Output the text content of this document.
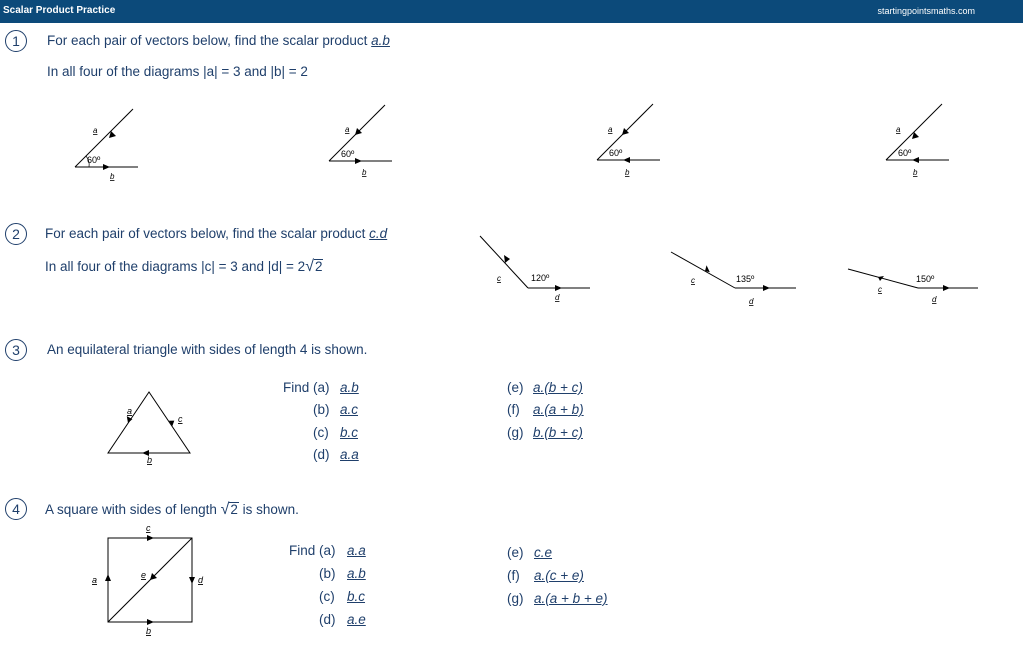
Scalar Product Practice	startingpointsmaths.com
1	For each pair of vectors below, find the scalar product a.b
In all four of the diagrams |a| = 3 and |b| = 2
60º
a
b
60º
a
b
60º
a
b
60º
a
b
2	For each pair of vectors below, find the scalar product c.d
In all four of the diagrams |c| = 3 and |d| = 2√2
120º
c
d
135º
c
d
150º
c
d
3	An equilateral triangle with sides of length 4 is shown.
a
b
c
Find (a) a.b
(b) a.c
(c) b.c
(d) a.a
(e) a.(b + c)
(f) a.(a + b)
(g) b.(b + c)
4	A square with sides of length √2 is shown.
c
b
a	d
e
Find (a) a.a
(b) a.b
(c) b.c
(d) a.e
(e) c.e
(f) a.(c + e)
(g) a.(a + b + e)
